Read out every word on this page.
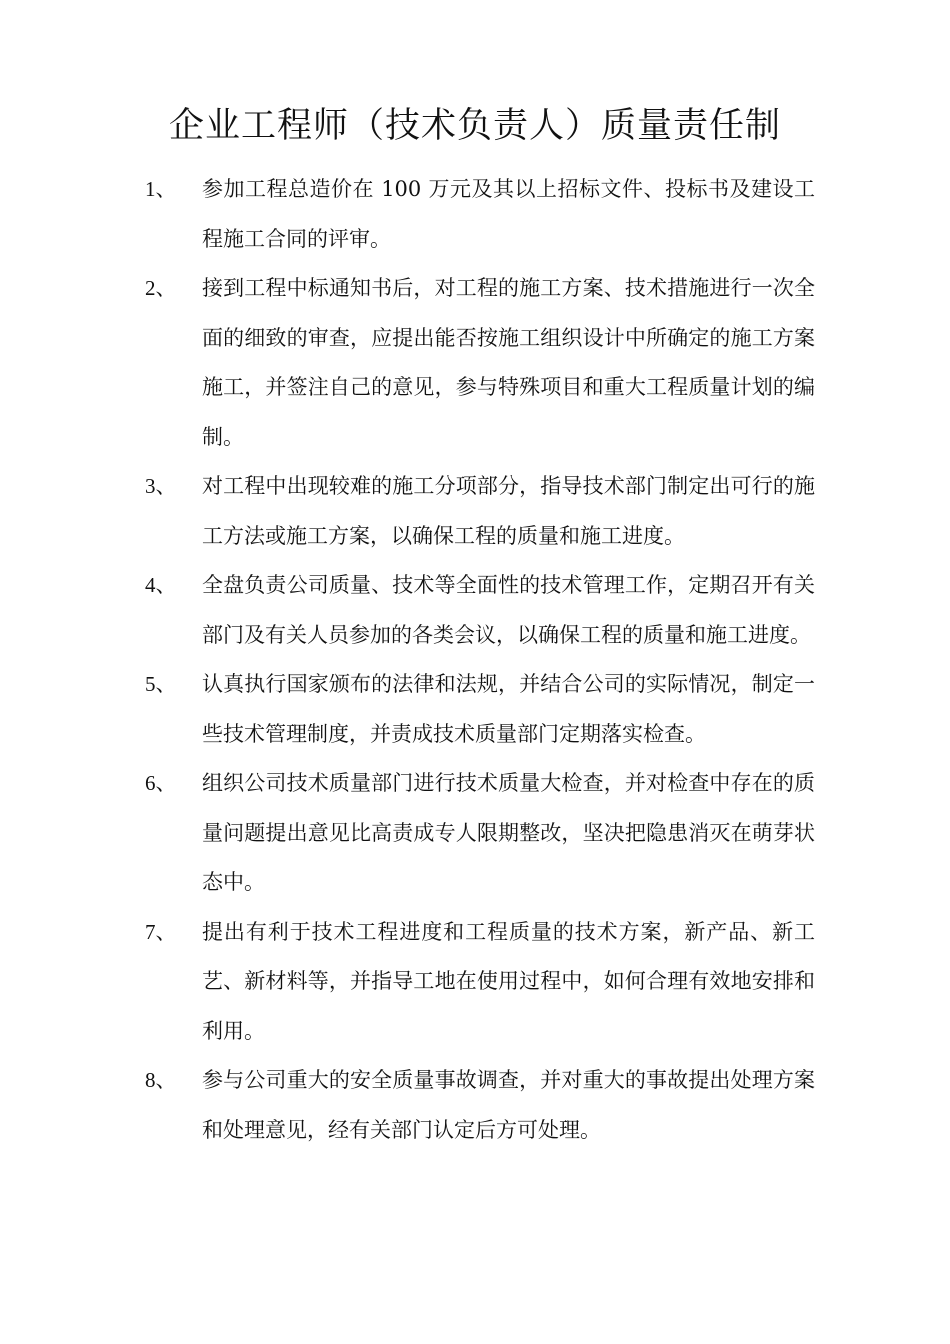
企业工程师（技术负责人）质量责任制
1、	参加工程总造价在 100 万元及其以上招标文件、投标书及建设工程施工合同的评审。
2、	接到工程中标通知书后，对工程的施工方案、技术措施进行一次全面的细致的审查，应提出能否按施工组织设计中所确定的施工方案施工，并签注自己的意见，参与特殊项目和重大工程质量计划的编制。
3、	对工程中出现较难的施工分项部分，指导技术部门制定出可行的施工方法或施工方案，以确保工程的质量和施工进度。
4、	全盘负责公司质量、技术等全面性的技术管理工作，定期召开有关部门及有关人员参加的各类会议，以确保工程的质量和施工进度。
5、	认真执行国家颁布的法律和法规，并结合公司的实际情况，制定一些技术管理制度，并责成技术质量部门定期落实检查。
6、	组织公司技术质量部门进行技术质量大检查，并对检查中存在的质量问题提出意见比高责成专人限期整改，坚决把隐患消灭在萌芽状态中。
7、	提出有利于技术工程进度和工程质量的技术方案，新产品、新工艺、新材料等，并指导工地在使用过程中，如何合理有效地安排和利用。
8、	参与公司重大的安全质量事故调查，并对重大的事故提出处理方案和处理意见，经有关部门认定后方可处理。
